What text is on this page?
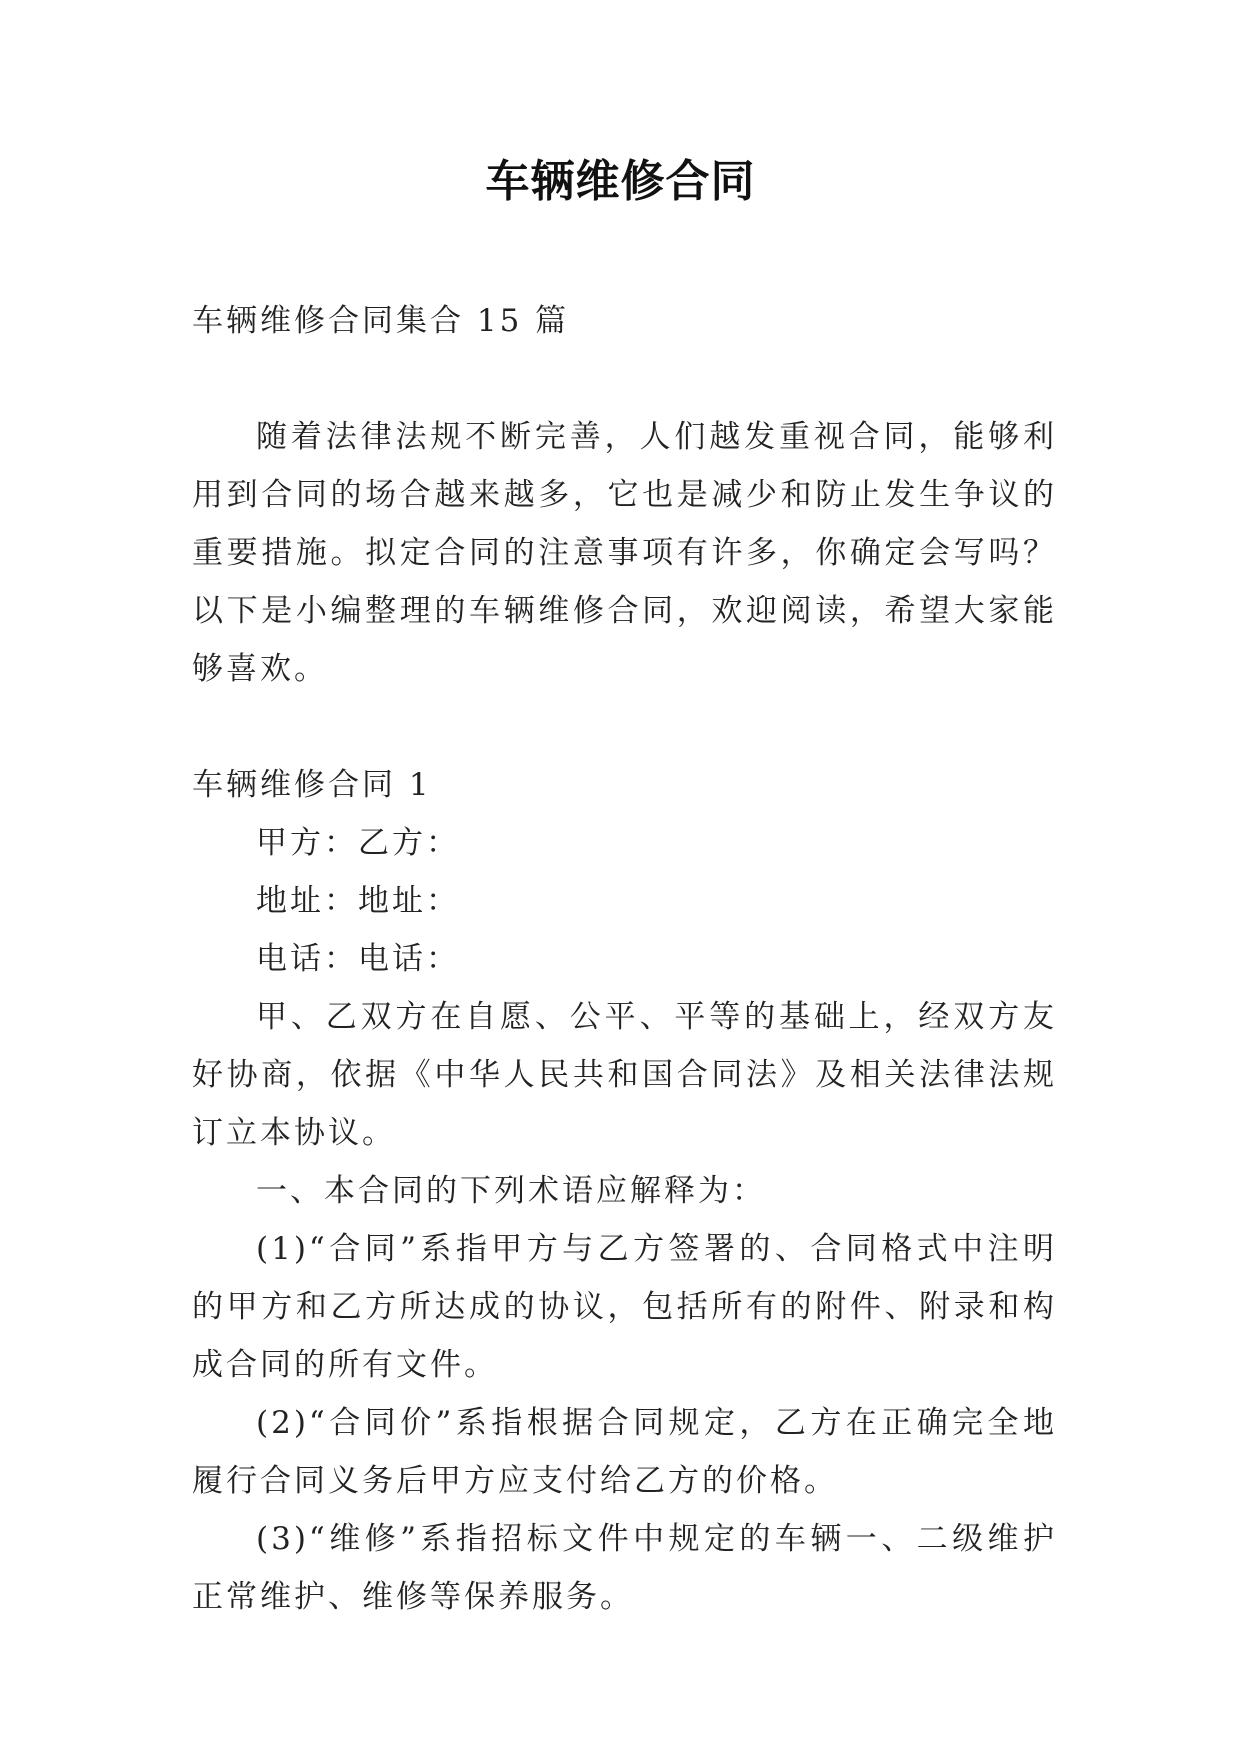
车辆维修合同

车辆维修合同集合 15 篇

随着法律法规不断完善，人们越发重视合同，能够利用到合同的场合越来越多，它也是减少和防止发生争议的重要措施。拟定合同的注意事项有许多，你确定会写吗？以下是小编整理的车辆维修合同，欢迎阅读，希望大家能够喜欢。

车辆维修合同 1

甲方：乙方：

地址：地址：

电话：电话：

甲、乙双方在自愿、公平、平等的基础上，经双方友好协商，依据《中华人民共和国合同法》及相关法律法规订立本协议。

一、本合同的下列术语应解释为：

(1)“合同”系指甲方与乙方签署的、合同格式中注明的甲方和乙方所达成的协议，包括所有的附件、附录和构成合同的所有文件。

(2)“合同价”系指根据合同规定，乙方在正确完全地履行合同义务后甲方应支付给乙方的价格。

(3)“维修”系指招标文件中规定的车辆一、二级维护正常维护、维修等保养服务。
